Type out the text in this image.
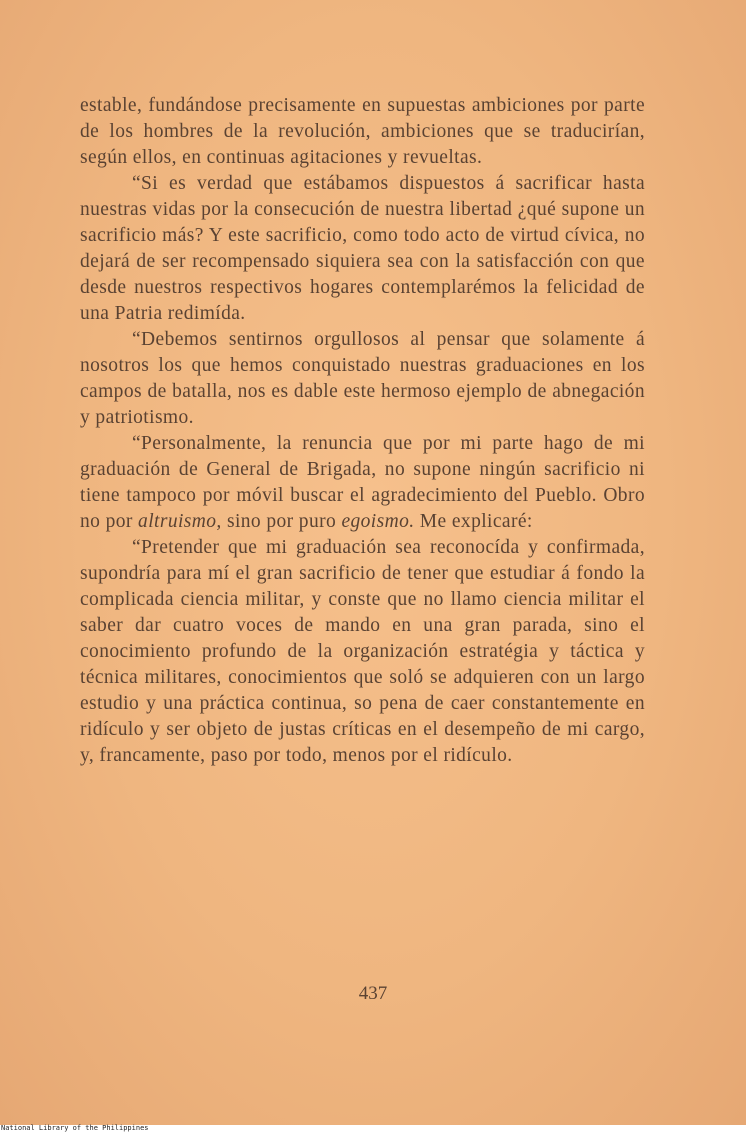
estable, fundándose precisamente en supuestas ambiciones por parte de los hombres de la revolución, ambiciones que se traducirían, según ellos, en continuas agitaciones y revueltas.

“Si es verdad que estábamos dispuestos á sacrificar hasta nuestras vidas por la consecución de nuestra libertad ¿qué supone un sacrificio más? Y este sacrificio, como todo acto de virtud cívica, no dejará de ser recompensado siquiera sea con la satisfacción con que desde nuestros respectivos hogares contemplarémos la felicidad de una Patria redimída.

“Debemos sentirnos orgullosos al pensar que solamente á nosotros los que hemos conquistado nuestras graduaciones en los campos de batalla, nos es dable este hermoso ejemplo de abnegación y patriotismo.

“Personalmente, la renuncia que por mi parte hago de mi graduación de General de Brigada, no supone ningún sacrificio ni tiene tampoco por móvil buscar el agradecimiento del Pueblo. Obro no por altruismo, sino por puro egoismo. Me explicaré:

“Pretender que mi graduación sea reconocída y confirmada, supondría para mí el gran sacrificio de tener que estudiar á fondo la complicada ciencia militar, y conste que no llamo ciencia militar el saber dar cuatro voces de mando en una gran parada, sino el conocimiento profundo de la organización estratégia y táctica y técnica militares, conocimientos que soló se adquieren con un largo estudio y una práctica continua, so pena de caer constantemente en ridículo y ser objeto de justas críticas en el desempeño de mi cargo, y, francamente, paso por todo, menos por el ridículo.

437
National Library of the Philippines
